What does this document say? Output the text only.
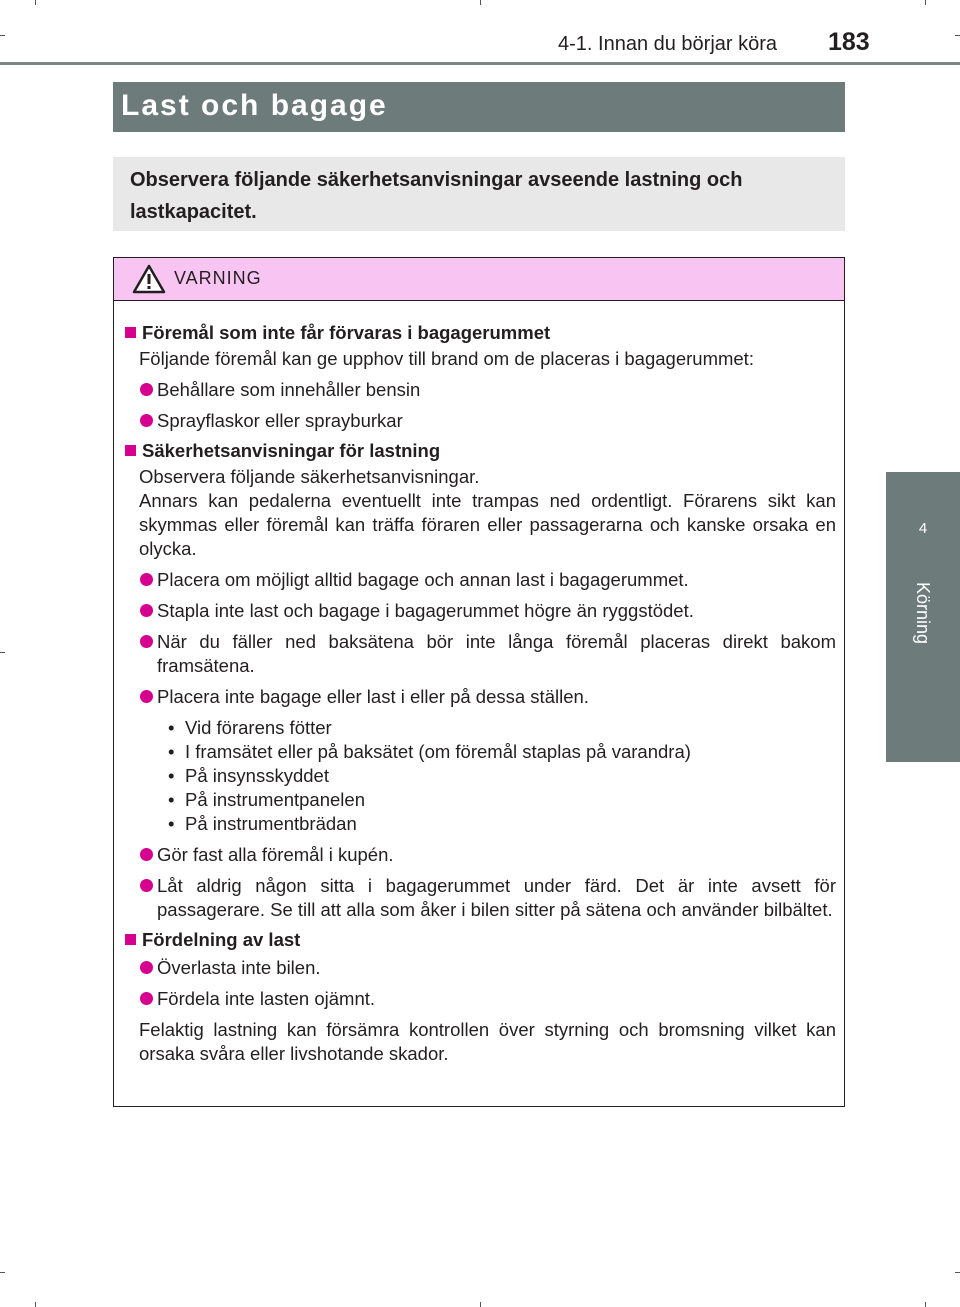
4-1. Innan du börjar köra 183
Last och bagage
Observera följande säkerhetsanvisningar avseende lastning och lastkapacitet.
4
Körning
VARNING
Föremål som inte får förvaras i bagagerummet
Följande föremål kan ge upphov till brand om de placeras i bagagerummet:
Behållare som innehåller bensin
Sprayflaskor eller sprayburkar
Säkerhetsanvisningar för lastning
Observera följande säkerhetsanvisningar.
Annars kan pedalerna eventuellt inte trampas ned ordentligt. Förarens sikt kan skymmas eller föremål kan träffa föraren eller passagerarna och kanske orsaka en olycka.
Placera om möjligt alltid bagage och annan last i bagagerummet.
Stapla inte last och bagage i bagagerummet högre än ryggstödet.
När du fäller ned baksätena bör inte långa föremål placeras direkt bakom framsätena.
Placera inte bagage eller last i eller på dessa ställen.
• Vid förarens fötter
• I framsätet eller på baksätet (om föremål staplas på varandra)
• På insynsskyddet
• På instrumentpanelen
• På instrumentbrädan
Gör fast alla föremål i kupén.
Låt aldrig någon sitta i bagagerummet under färd. Det är inte avsett för passagerare. Se till att alla som åker i bilen sitter på sätena och använder bilbältet.
Fördelning av last
Överlasta inte bilen.
Fördela inte lasten ojämnt.
Felaktig lastning kan försämra kontrollen över styrning och bromsning vilket kan orsaka svåra eller livshotande skador.
